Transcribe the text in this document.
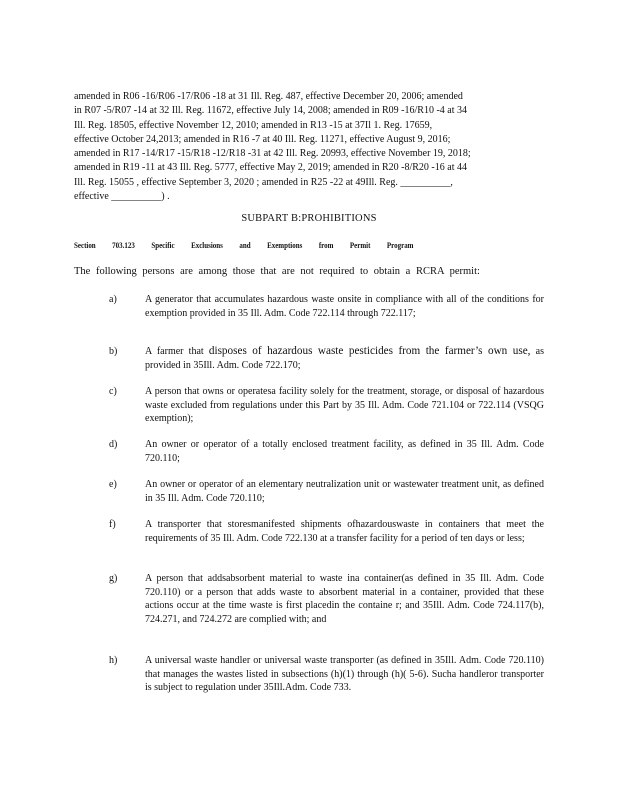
amended in R06 -16/R06 -17/R06 -18 at 31 Ill. Reg. 487, effective December 20, 2006; amended
in R07 -5/R07 -14 at 32 Ill. Reg. 11672, effective July 14, 2008; amended in R09 -16/R10 -4 at 34
Ill. Reg. 18505, effective November 12, 2010; amended in R13 -15 at 37Il 1. Reg. 17659,
effective October 24,2013; amended in R16 -7 at 40 Ill. Reg. 11271, effective August 9, 2016;
amended in R17 -14/R17 -15/R18 -12/R18 -31 at 42 Ill. Reg. 20993, effective November 19, 2018;
amended in R19 -11 at 43 Ill. Reg. 5777, effective May 2, 2019; amended in R20 -8/R20 -16 at 44
Ill. Reg. 15055 , effective September 3, 2020 ; amended in R25 -22 at 49Ill. Reg. __________,
effective __________) .
SUBPART B:PROHIBITIONS
Section 703.123 Specific Exclusions and Exemptions from Permit Program
The following persons are among those that are not required to obtain a RCRA permit:
a)	A generator that accumulates hazardous waste onsite in compliance with all of the conditions for exemption provided in 35 Ill. Adm. Code 722.114 through 722.117;
b)	A farmer that disposes of hazardous waste pesticides from the farmer’s own use, as provided in 35Ill. Adm. Code 722.170;
c)	A person that owns or operatesa facility solely for the treatment, storage, or disposal of hazardous waste excluded from regulations under this Part by 35 Ill. Adm. Code 721.104 or 722.114 (VSQG exemption);
d)	An owner or operator of a totally enclosed treatment facility, as defined in 35 Ill. Adm. Code 720.110;
e)	An owner or operator of an elementary neutralization unit or wastewater treatment unit, as defined in 35 Ill. Adm. Code 720.110;
f)	A transporter that storesmanifested shipments ofhazardouswaste in containers that meet the requirements of 35 Ill. Adm. Code 722.130 at a transfer facility for a period of ten days or less;
g)	A person that addsabsorbent material to waste ina container(as defined in 35 Ill. Adm. Code 720.110) or a person that adds waste to absorbent material in a container, provided that these actions occur at the time waste is first placedin the containe r; and 35Ill. Adm. Code 724.117(b), 724.271, and 724.272 are complied with; and
h)	A universal waste handler or universal waste transporter (as defined in 35Ill. Adm. Code 720.110) that manages the wastes listed in subsections (h)(1) through (h)( 5-6). Sucha handleror transporter is subject to regulation under 35Ill.Adm. Code 733.
